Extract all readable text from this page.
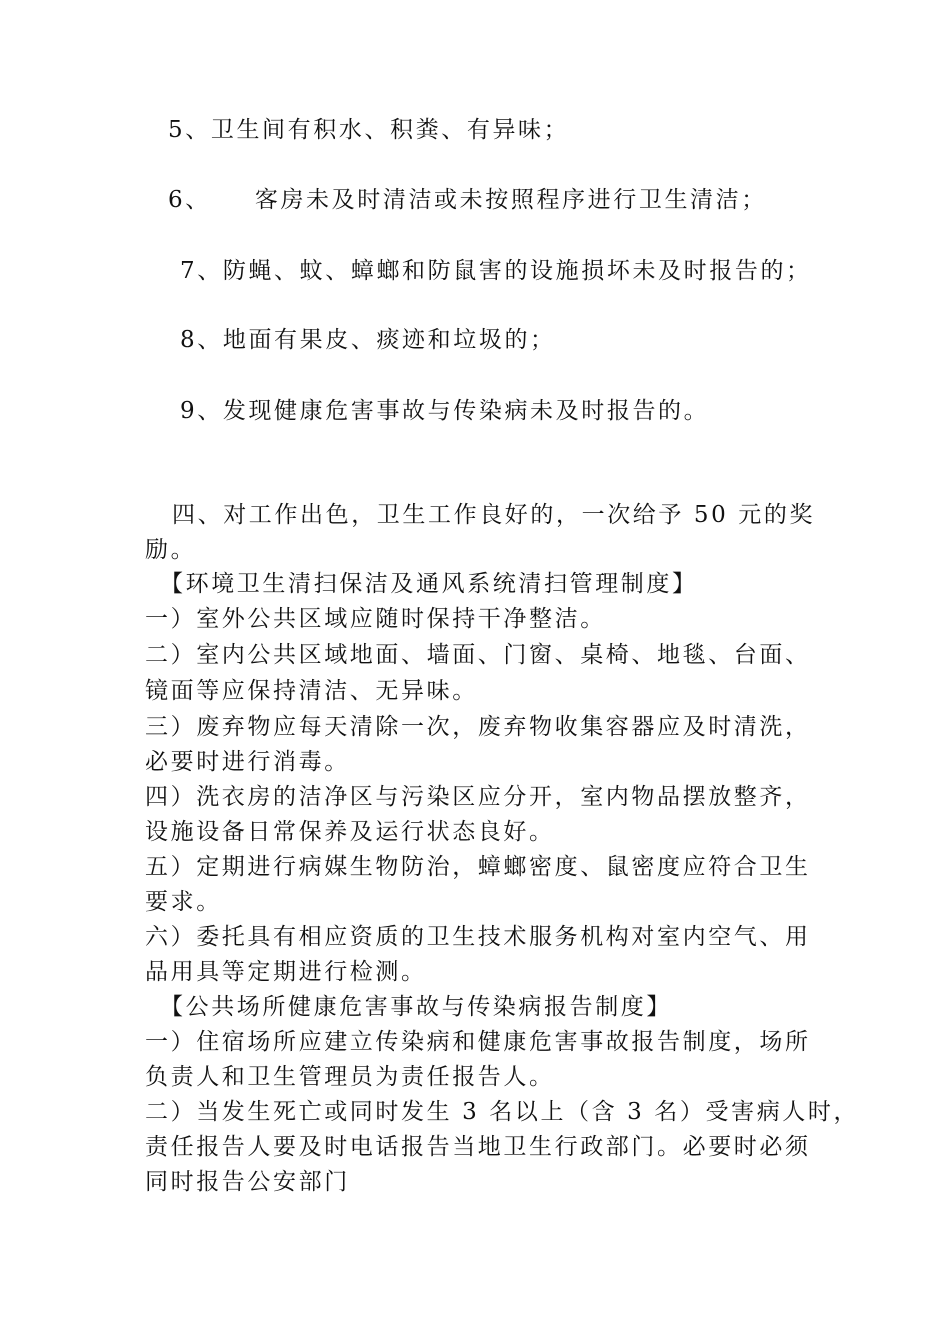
5、卫生间有积水、积粪、有异味；
6、 客房未及时清洁或未按照程序进行卫生清洁；
7、防蝇、蚊、蟑螂和防鼠害的设施损坏未及时报告的；
8、地面有果皮、痰迹和垃圾的；
9、发现健康危害事故与传染病未及时报告的。
四、对工作出色，卫生工作良好的，一次给予 50 元的奖
励。
【环境卫生清扫保洁及通风系统清扫管理制度】
一）室外公共区域应随时保持干净整洁。
二）室内公共区域地面、墙面、门窗、桌椅、地毯、台面、
镜面等应保持清洁、无异味。
三）废弃物应每天清除一次，废弃物收集容器应及时清洗，
必要时进行消毒。
四）洗衣房的洁净区与污染区应分开，室内物品摆放整齐，
设施设备日常保养及运行状态良好。
五）定期进行病媒生物防治，蟑螂密度、鼠密度应符合卫生
要求。
六）委托具有相应资质的卫生技术服务机构对室内空气、用
品用具等定期进行检测。
【公共场所健康危害事故与传染病报告制度】
一）住宿场所应建立传染病和健康危害事故报告制度，场所
负责人和卫生管理员为责任报告人。
二）当发生死亡或同时发生 3 名以上（含 3 名）受害病人时，
责任报告人要及时电话报告当地卫生行政部门。必要时必须
同时报告公安部门
